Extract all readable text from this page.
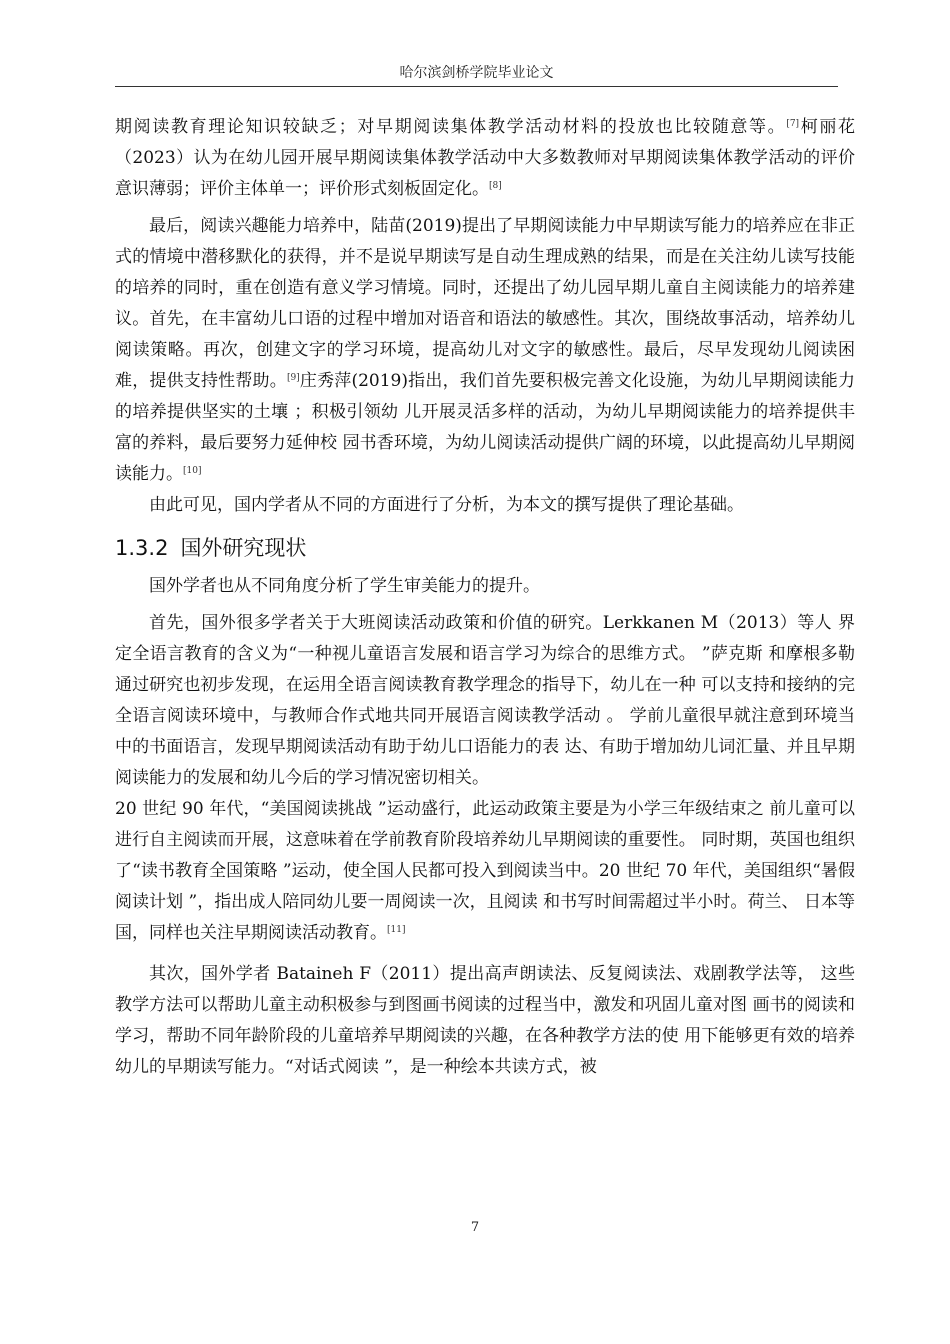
哈尔滨剑桥学院毕业论文

期阅读教育理论知识较缺乏；对早期阅读集体教学活动材料的投放也比较随意等。[7]柯丽花（2023）认为在幼儿园开展早期阅读集体教学活动中大多数教师对早期阅读集体教学活动的评价意识薄弱；评价主体单一；评价形式刻板固定化。[8]

最后，阅读兴趣能力培养中，陆苗(2019)提出了早期阅读能力中早期读写能力的培养应在非正式的情境中潜移默化的获得，并不是说早期读写是自动生理成熟的结果，而是在关注幼儿读写技能的培养的同时，重在创造有意义学习情境。同时，还提出了幼儿园早期儿童自主阅读能力的培养建议。首先，在丰富幼儿口语的过程中增加对语音和语法的敏感性。其次，围绕故事活动，培养幼儿阅读策略。再次，创建文字的学习环境，提高幼儿对文字的敏感性。最后，尽早发现幼儿阅读困难，提供支持性帮助。[9]庄秀萍(2019)指出，我们首先要积极完善文化设施，为幼儿早期阅读能力的培养提供坚实的土壤 ；积极引领幼 儿开展灵活多样的活动，为幼儿早期阅读能力的培养提供丰富的养料，最后要努力延伸校 园书香环境，为幼儿阅读活动提供广阔的环境，以此提高幼儿早期阅读能力。[10]

由此可见，国内学者从不同的方面进行了分析，为本文的撰写提供了理论基础。

1.3.2 国外研究现状

国外学者也从不同角度分析了学生审美能力的提升。

首先，国外很多学者关于大班阅读活动政策和价值的研究。Lerkkanen M（2013）等人 界定全语言教育的含义为“一种视儿童语言发展和语言学习为综合的思维方式。 ”萨克斯 和摩根多勒通过研究也初步发现，在运用全语言阅读教育教学理念的指导下，幼儿在一种 可以支持和接纳的完全语言阅读环境中，与教师合作式地共同开展语言阅读教学活动 。 学前儿童很早就注意到环境当中的书面语言，发现早期阅读活动有助于幼儿口语能力的表 达、有助于增加幼儿词汇量、并且早期阅读能力的发展和幼儿今后的学习情况密切相关。

20 世纪 90 年代，“美国阅读挑战 ”运动盛行，此运动政策主要是为小学三年级结束之 前儿童可以进行自主阅读而开展，这意味着在学前教育阶段培养幼儿早期阅读的重要性。 同时期，英国也组织了“读书教育全国策略 ”运动，使全国人民都可投入到阅读当中。20 世纪 70 年代，美国组织“暑假阅读计划 ”，指出成人陪同幼儿要一周阅读一次，且阅读 和书写时间需超过半小时。荷兰、 日本等国，同样也关注早期阅读活动教育。[11]

其次，国外学者 Bataineh F（2011）提出高声朗读法、反复阅读法、戏剧教学法等， 这些教学方法可以帮助儿童主动积极参与到图画书阅读的过程当中，激发和巩固儿童对图 画书的阅读和学习，帮助不同年龄阶段的儿童培养早期阅读的兴趣，在各种教学方法的使 用下能够更有效的培养幼儿的早期读写能力。“对话式阅读 ”，是一种绘本共读方式，被

7
